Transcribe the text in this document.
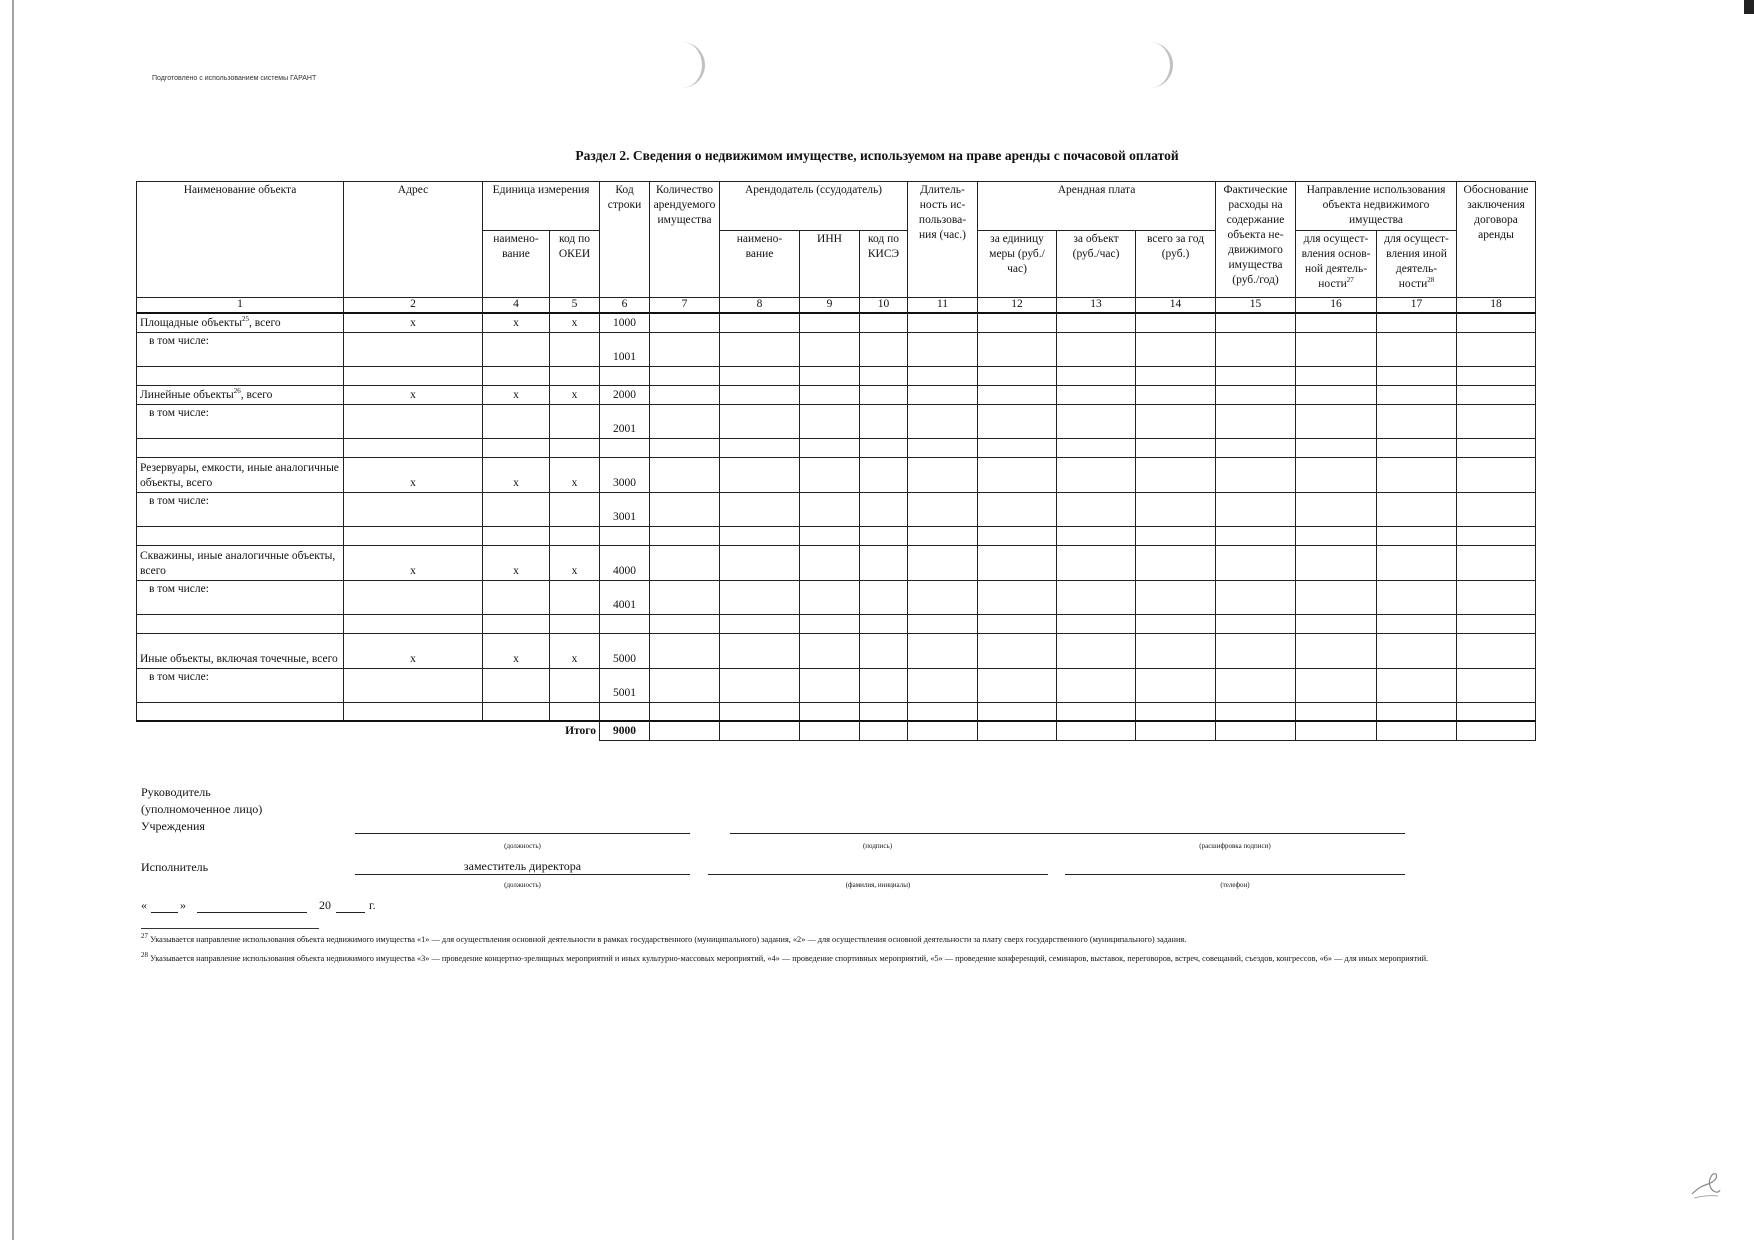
Подготовлено с использованием системы ГАРАНТ
Раздел 2. Сведения о недвижимом имуществе, используемом на праве аренды с почасовой оплатой
Наименование объекта	Адрес	Единица измерения		Код строки	Количество арендуемого имущества	Арендодатель (ссудодатель)			Длитель-ность ис-пользова-ния (час.)	Арендная плата			Фактические расходы на содержание объекта не-движимого имущества (руб./год)	Направление использования объекта недвижимого имущества		Обоснование заключения договора аренды
		наимено-вание	код по ОКЕИ			наимено-вание	ИНН	код по КИСЭ		за единицу меры (руб./час)	за объект (руб./час)	всего за год (руб.)		для осущест-вления основ-ной деятель-ности$^{27}$	для осущест-вления иной деятель-ности$^{28}$
1	2	4	5	6	7	8	9	10	11	12	13	14	15	16	17	18
Площадные объекты$^{25}$, всего	x	x	x	1000												
в том числе:				1001												

Линейные объекты$^{26}$, всего	x	x	x	2000												
в том числе:				2001												

Резервуары, емкости, иные аналогичные объекты, всего	x	x	x	3000												
в том числе:				3001												

Скважины, иные аналогичные объекты, всего	x	x	x	4000												
в том числе:				4001												

Иные объекты, включая точечные, всего	x	x	x	5000												
в том числе:				5001												

Итого				9000												
Руководитель
(уполномоченное лицо)
Учреждения
(должность)	(подпись)	(расшифровка подписи)
Исполнитель	заместитель директора
(должность)	(фамилия, инициалы)	(телефон)
«	»	20	г.
$^{27}$ Указывается направление использования объекта недвижимого имущества «1» — для осуществления основной деятельности в рамках государственного (муниципального) задания, «2» — для осуществления основной деятельности за плату сверх государственного (муниципального) задания.
$^{28}$ Указывается направление использования объекта недвижимого имущества «3» — проведение концертно-зрелищных мероприятий и иных культурно-массовых мероприятий, «4» — проведение спортивных мероприятий, «5» — проведение конференций, семинаров, выставок, переговоров, встреч, совещаний, съездов, конгрессов, «6» — для иных мероприятий.
